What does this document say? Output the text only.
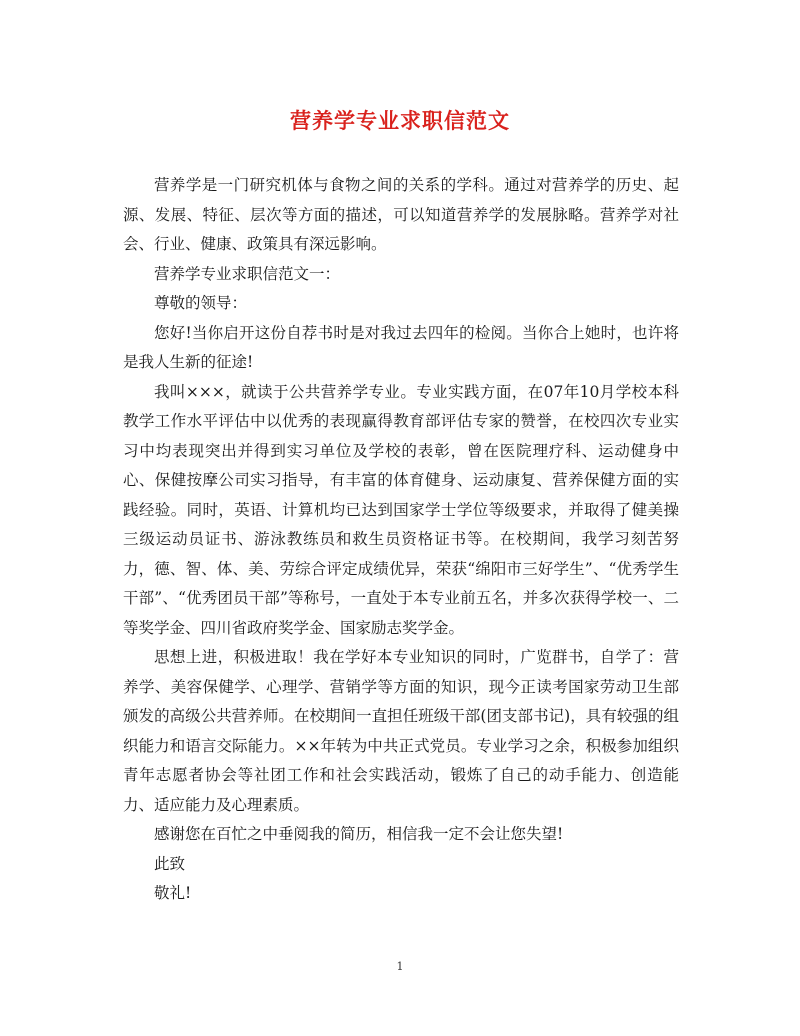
营养学专业求职信范文

营养学是一门研究机体与食物之间的关系的学科。通过对营养学的历史、起源、发展、特征、层次等方面的描述，可以知道营养学的发展脉略。营养学对社会、行业、健康、政策具有深远影响。

营养学专业求职信范文一：

尊敬的领导：

您好!当你启开这份自荐书时是对我过去四年的检阅。当你合上她时，也许将是我人生新的征途!

我叫×××，就读于公共营养学专业。专业实践方面，在07年10月学校本科教学工作水平评估中以优秀的表现赢得教育部评估专家的赞誉，在校四次专业实习中均表现突出并得到实习单位及学校的表彰，曾在医院理疗科、运动健身中心、保健按摩公司实习指导，有丰富的体育健身、运动康复、营养保健方面的实践经验。同时，英语、计算机均已达到国家学士学位等级要求，并取得了健美操三级运动员证书、游泳教练员和救生员资格证书等。在校期间，我学习刻苦努力，德、智、体、美、劳综合评定成绩优异，荣获“绵阳市三好学生”、“优秀学生干部”、“优秀团员干部”等称号，一直处于本专业前五名，并多次获得学校一、二等奖学金、四川省政府奖学金、国家励志奖学金。

思想上进，积极进取！我在学好本专业知识的同时，广览群书，自学了：营养学、美容保健学、心理学、营销学等方面的知识，现今正读考国家劳动卫生部颁发的高级公共营养师。在校期间一直担任班级干部(团支部书记)，具有较强的组织能力和语言交际能力。××年转为中共正式党员。专业学习之余，积极参加组织青年志愿者协会等社团工作和社会实践活动，锻炼了自己的动手能力、创造能力、适应能力及心理素质。

感谢您在百忙之中垂阅我的简历，相信我一定不会让您失望!

此致

敬礼!

1
